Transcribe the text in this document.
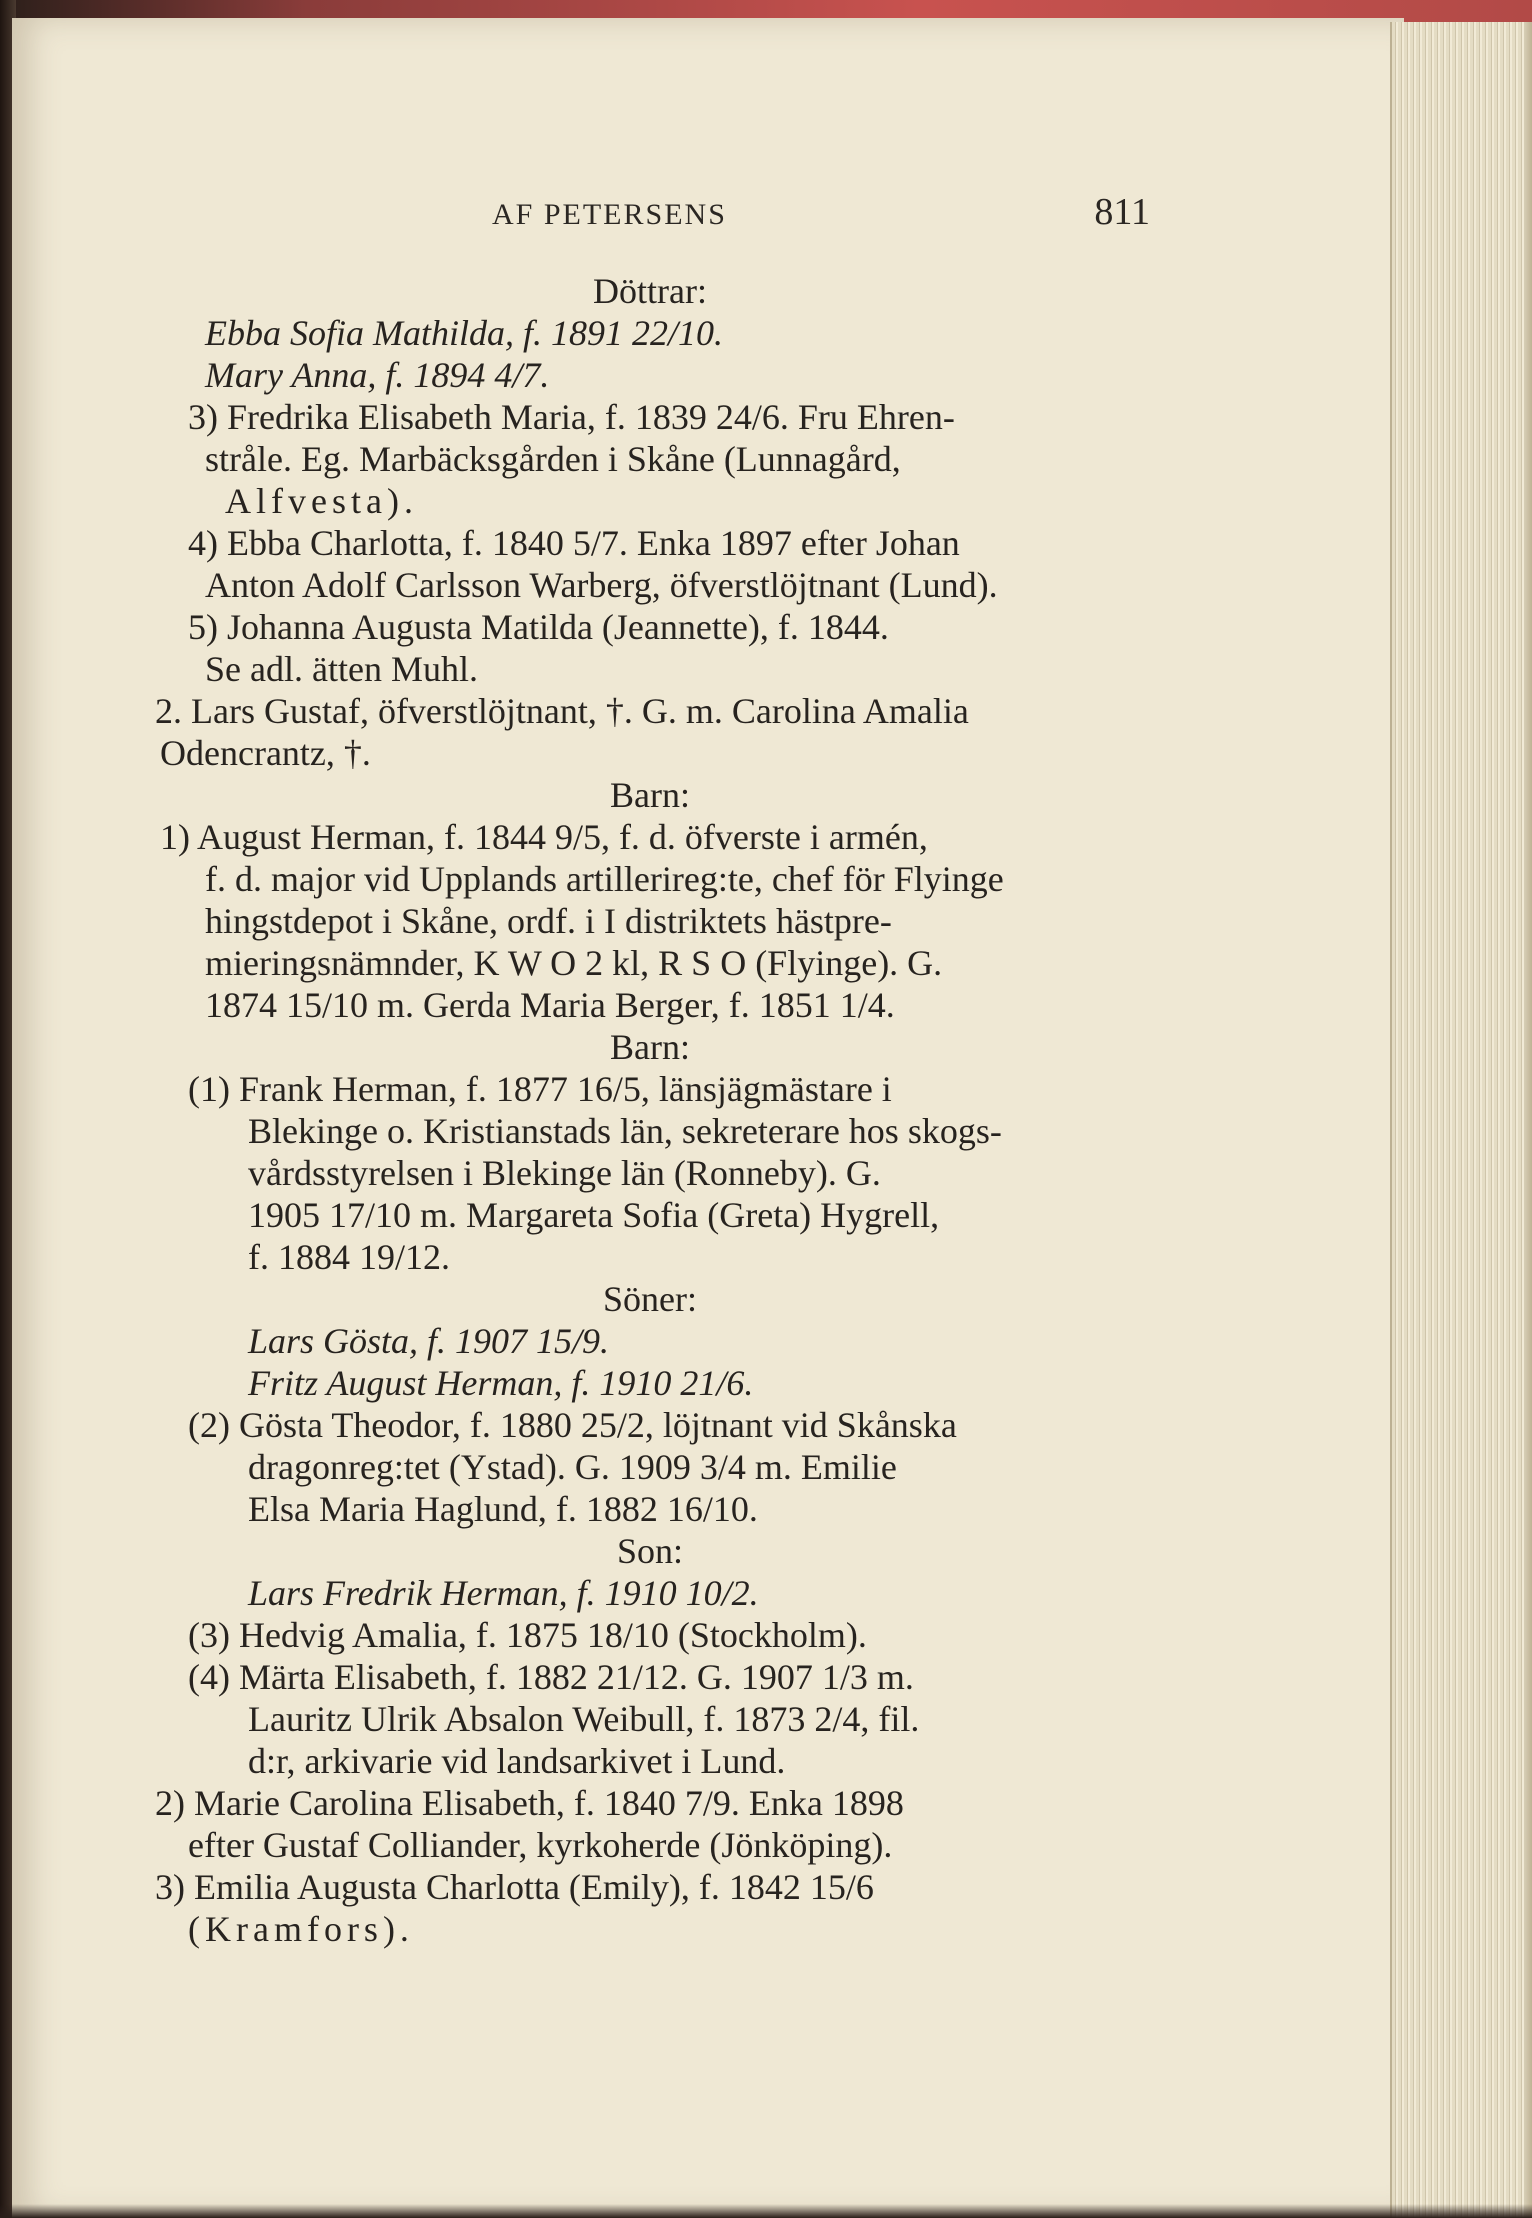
AF PETERSENS	811
Döttrar:
Ebba Sofia Mathilda, f. 1891 22/10.
Mary Anna, f. 1894 4/7.
3) Fredrika Elisabeth Maria, f. 1839 24/6. Fru Ehren-
stråle. Eg. Marbäcksgården i Skåne (Lunnagård,
Alfvesta).
4) Ebba Charlotta, f. 1840 5/7. Enka 1897 efter Johan
Anton Adolf Carlsson Warberg, öfverstlöjtnant (Lund).
5) Johanna Augusta Matilda (Jeannette), f. 1844.
Se adl. ätten Muhl.
2. Lars Gustaf, öfverstlöjtnant, †. G. m. Carolina Amalia
Odencrantz, †.
Barn:
1) August Herman, f. 1844 9/5, f. d. öfverste i armén,
f. d. major vid Upplands artillerireg:te, chef för Flyinge
hingstdepot i Skåne, ordf. i I distriktets hästpre-
mieringsnämnder, K W O 2 kl, R S O (Flyinge). G.
1874 15/10 m. Gerda Maria Berger, f. 1851 1/4.
Barn:
(1) Frank Herman, f. 1877 16/5, länsjägmästare i
Blekinge o. Kristianstads län, sekreterare hos skogs-
vårdsstyrelsen i Blekinge län (Ronneby). G.
1905 17/10 m. Margareta Sofia (Greta) Hygrell,
f. 1884 19/12.
Söner:
Lars Gösta, f. 1907 15/9.
Fritz August Herman, f. 1910 21/6.
(2) Gösta Theodor, f. 1880 25/2, löjtnant vid Skånska
dragonreg:tet (Ystad). G. 1909 3/4 m. Emilie
Elsa Maria Haglund, f. 1882 16/10.
Son:
Lars Fredrik Herman, f. 1910 10/2.
(3) Hedvig Amalia, f. 1875 18/10 (Stockholm).
(4) Märta Elisabeth, f. 1882 21/12. G. 1907 1/3 m.
Lauritz Ulrik Absalon Weibull, f. 1873 2/4, fil.
d:r, arkivarie vid landsarkivet i Lund.
2) Marie Carolina Elisabeth, f. 1840 7/9. Enka 1898
efter Gustaf Colliander, kyrkoherde (Jönköping).
3) Emilia Augusta Charlotta (Emily), f. 1842 15/6
(Kramfors).
